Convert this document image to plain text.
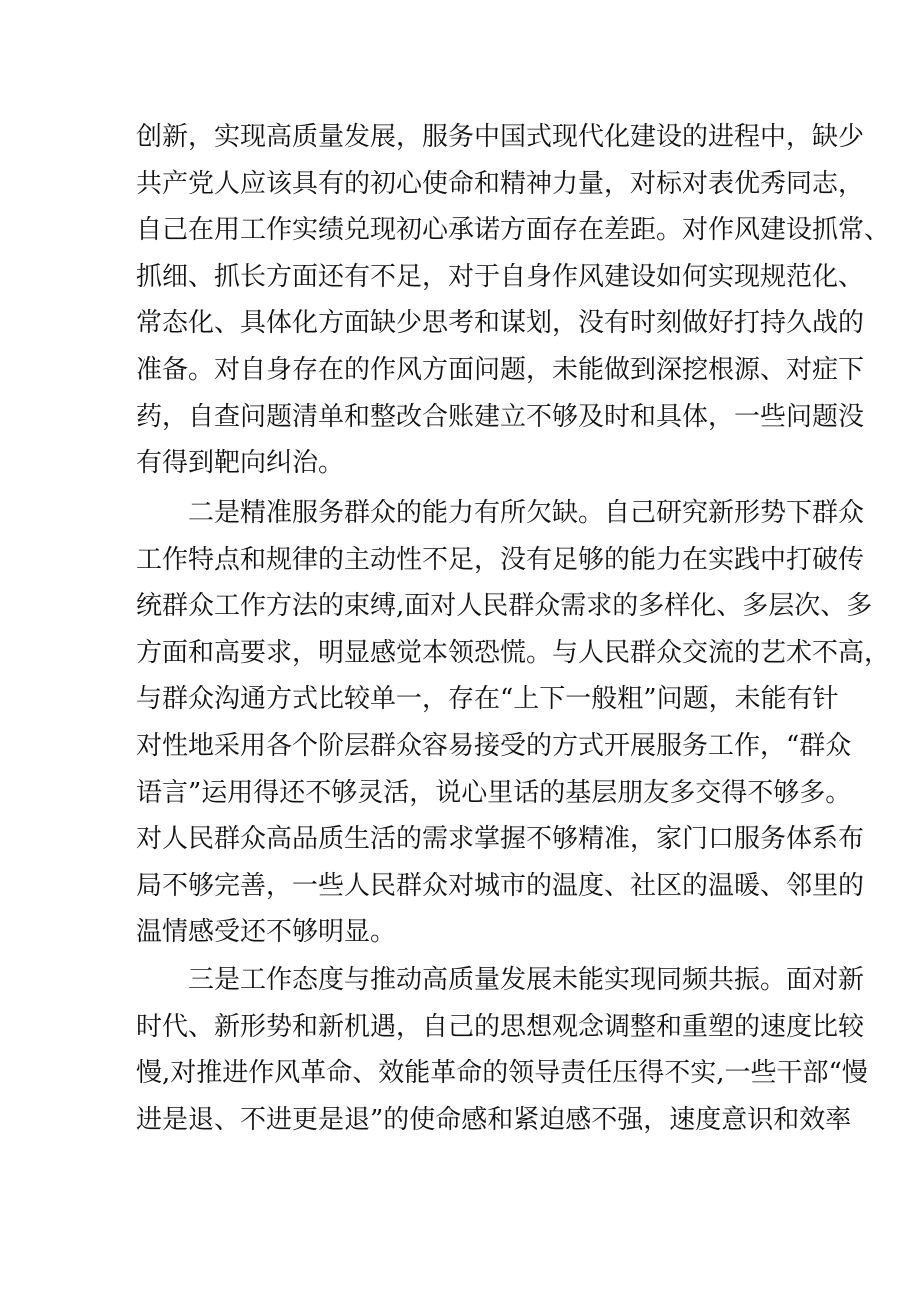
创新，实现高质量发展，服务中国式现代化建设的进程中，缺少

共产党人应该具有的初心使命和精神力量，对标对表优秀同志，

自己在用工作实绩兑现初心承诺方面存在差距。对作风建设抓常、

抓细、抓长方面还有不足，对于自身作风建设如何实现规范化、

常态化、具体化方面缺少思考和谋划，没有时刻做好打持久战的

准备。对自身存在的作风方面问题，未能做到深挖根源、对症下

药，自查问题清单和整改合账建立不够及时和具体，一些问题没

有得到靶向纠治。

二是精准服务群众的能力有所欠缺。自己研究新形势下群众

工作特点和规律的主动性不足，没有足够的能力在实践中打破传

统群众工作方法的束缚,面对人民群众需求的多样化、多层次、多

方面和高要求，明显感觉本领恐慌。与人民群众交流的艺术不高，

与群众沟通方式比较单一，存在“上下一般粗”问题，未能有针

对性地采用各个阶层群众容易接受的方式开展服务工作，“群众

语言”运用得还不够灵活，说心里话的基层朋友多交得不够多。

对人民群众高品质生活的需求掌握不够精准，家门口服务体系布

局不够完善，一些人民群众对城市的温度、社区的温暖、邻里的

温情感受还不够明显。

三是工作态度与推动高质量发展未能实现同频共振。面对新

时代、新形势和新机遇，自己的思想观念调整和重塑的速度比较

慢,对推进作风革命、效能革命的领导责任压得不实,一些干部“慢

进是退、不进更是退”的使命感和紧迫感不强，速度意识和效率
